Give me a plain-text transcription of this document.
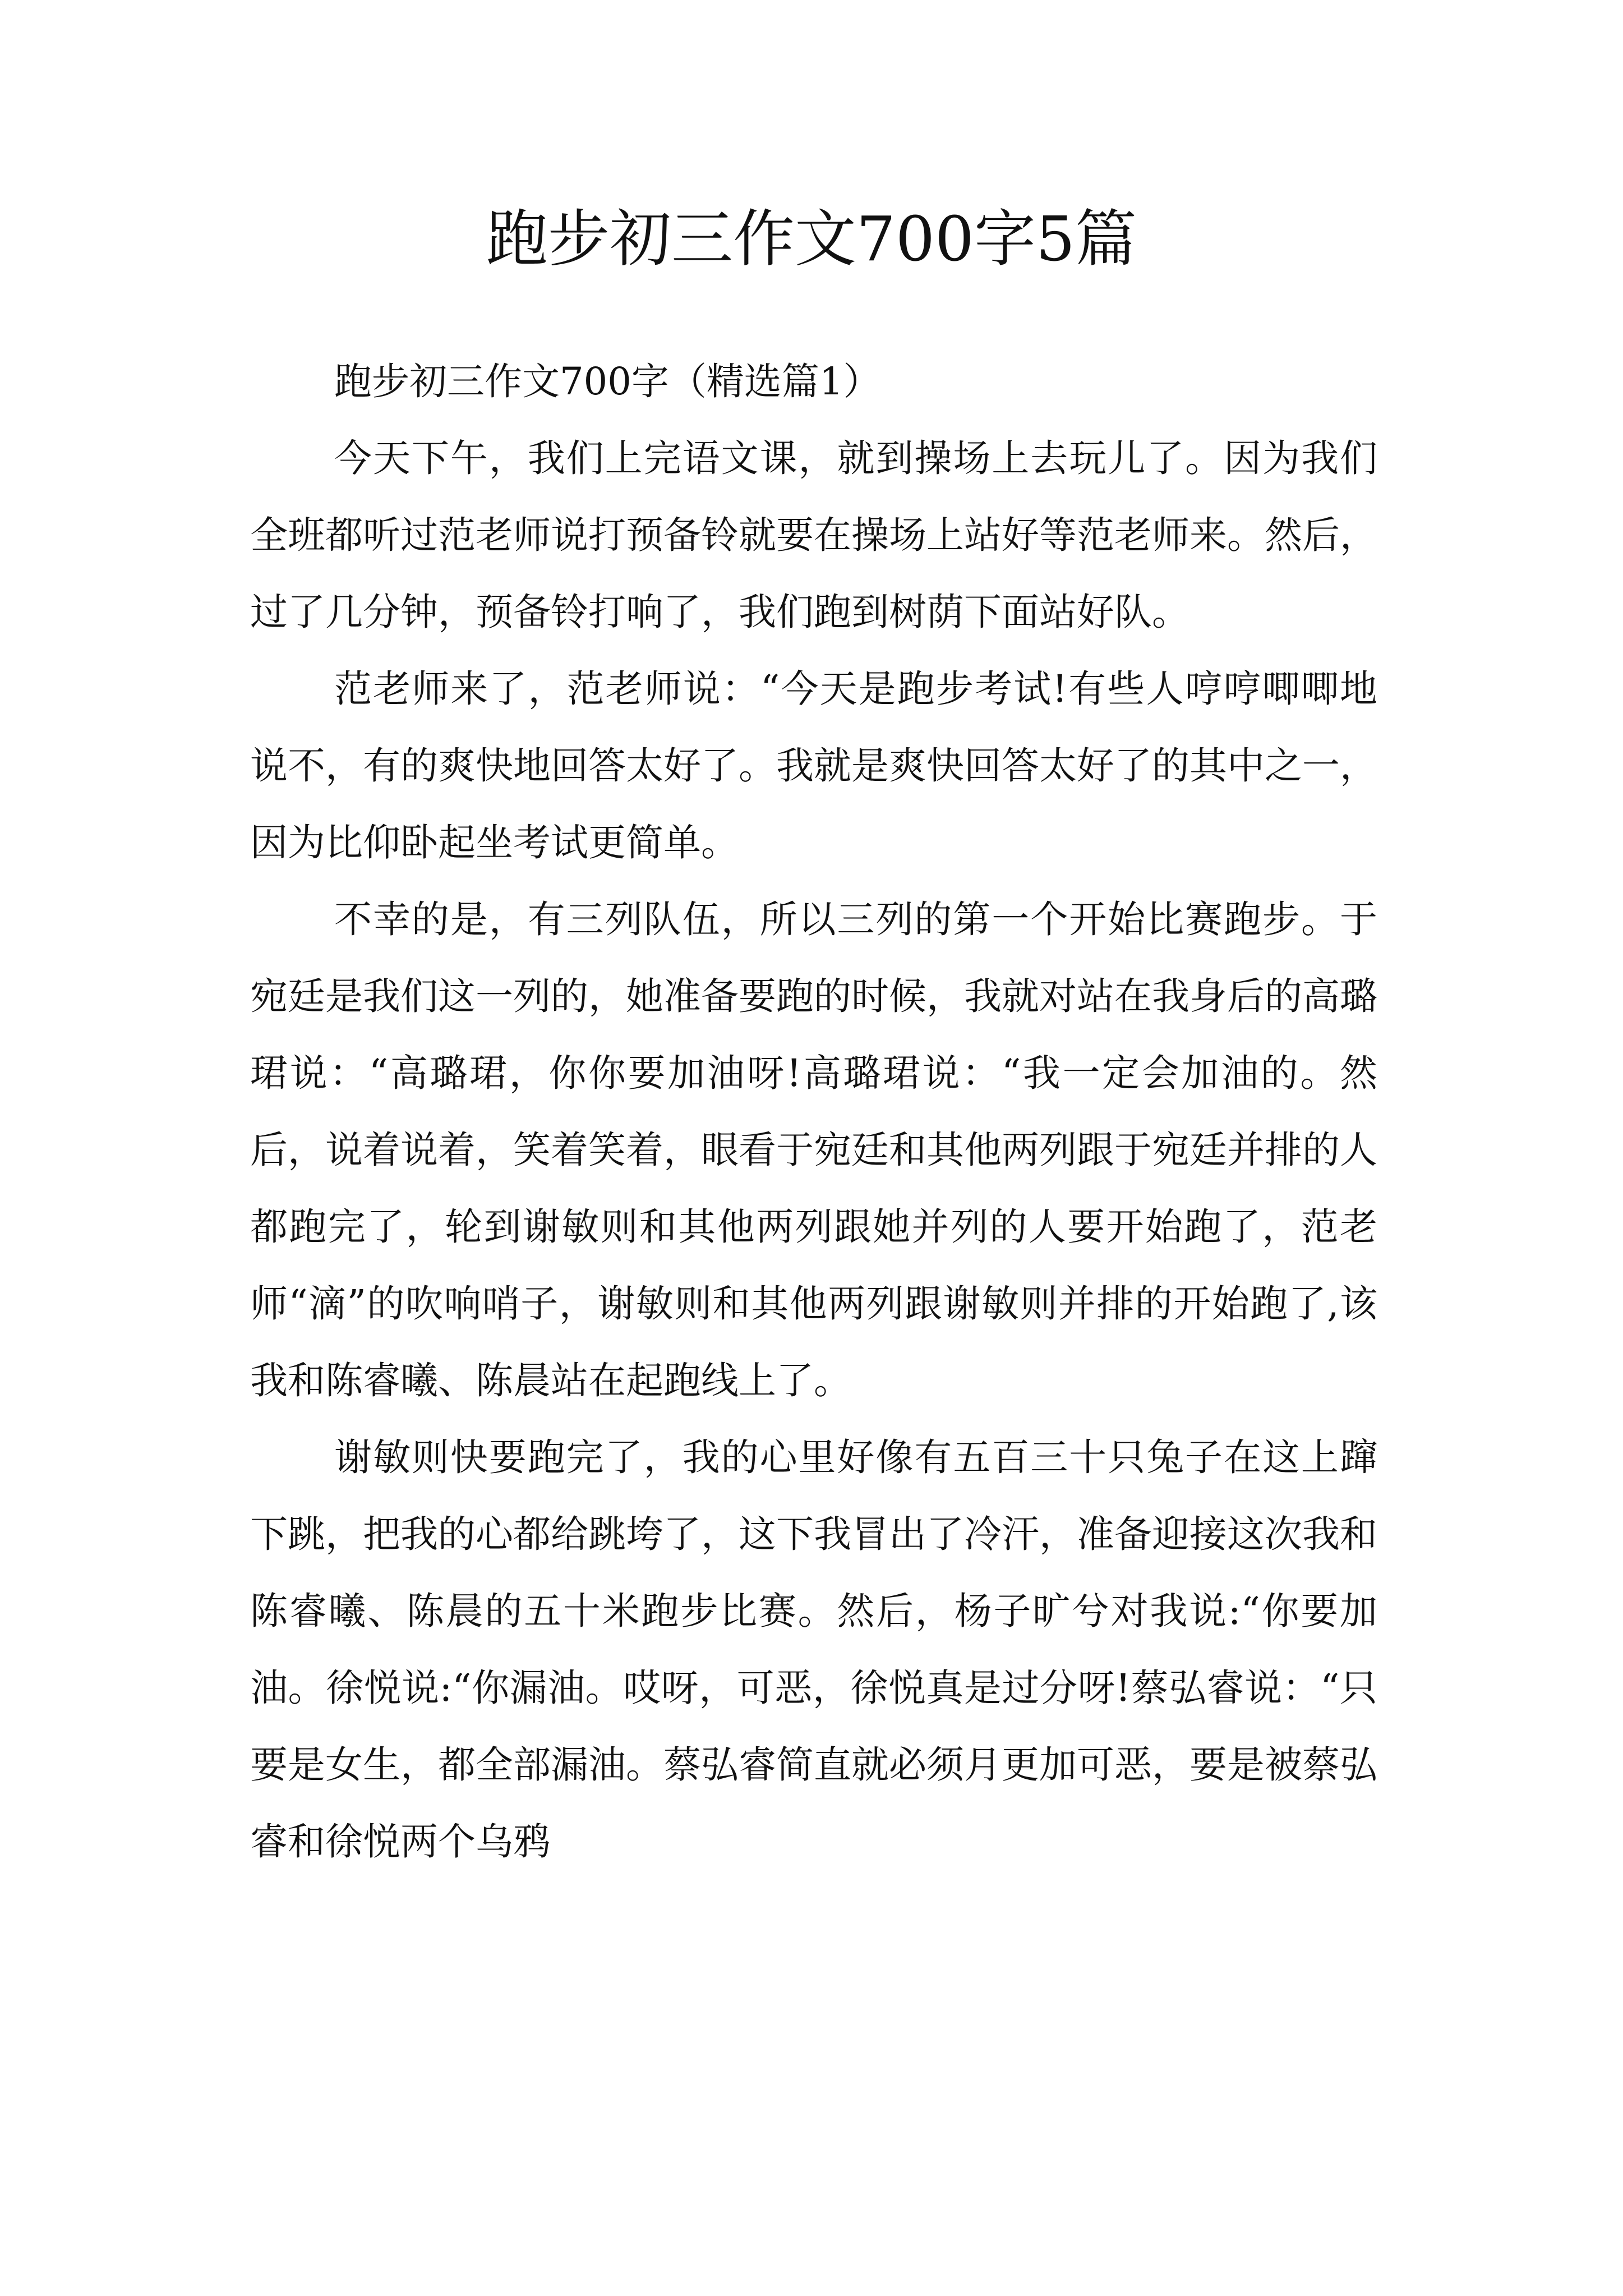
跑步初三作文700字5篇

跑步初三作文700字（精选篇1）

今天下午，我们上完语文课，就到操场上去玩儿了。因为我们全班都听过范老师说打预备铃就要在操场上站好等范老师来。然后，过了几分钟，预备铃打响了，我们跑到树荫下面站好队。

范老师来了，范老师说：“今天是跑步考试!有些人哼哼唧唧地说不，有的爽快地回答太好了。我就是爽快回答太好了的其中之一，因为比仰卧起坐考试更简单。

不幸的是，有三列队伍，所以三列的第一个开始比赛跑步。于宛廷是我们这一列的，她准备要跑的时候，我就对站在我身后的高璐珺说：“高璐珺，你你要加油呀!高璐珺说：“我一定会加油的。然后，说着说着，笑着笑着，眼看于宛廷和其他两列跟于宛廷并排的人都跑完了，轮到谢敏则和其他两列跟她并列的人要开始跑了，范老师“滴”的吹响哨子，谢敏则和其他两列跟谢敏则并排的开始跑了,该我和陈睿曦、陈晨站在起跑线上了。

谢敏则快要跑完了，我的心里好像有五百三十只兔子在这上蹿下跳，把我的心都给跳垮了，这下我冒出了冷汗，准备迎接这次我和陈睿曦、陈晨的五十米跑步比赛。然后，杨子旷兮对我说:“你要加油。徐悦说:“你漏油。哎呀，可恶，徐悦真是过分呀!蔡弘睿说：“只要是女生，都全部漏油。蔡弘睿简直就必须月更加可恶，要是被蔡弘睿和徐悦两个乌鸦
